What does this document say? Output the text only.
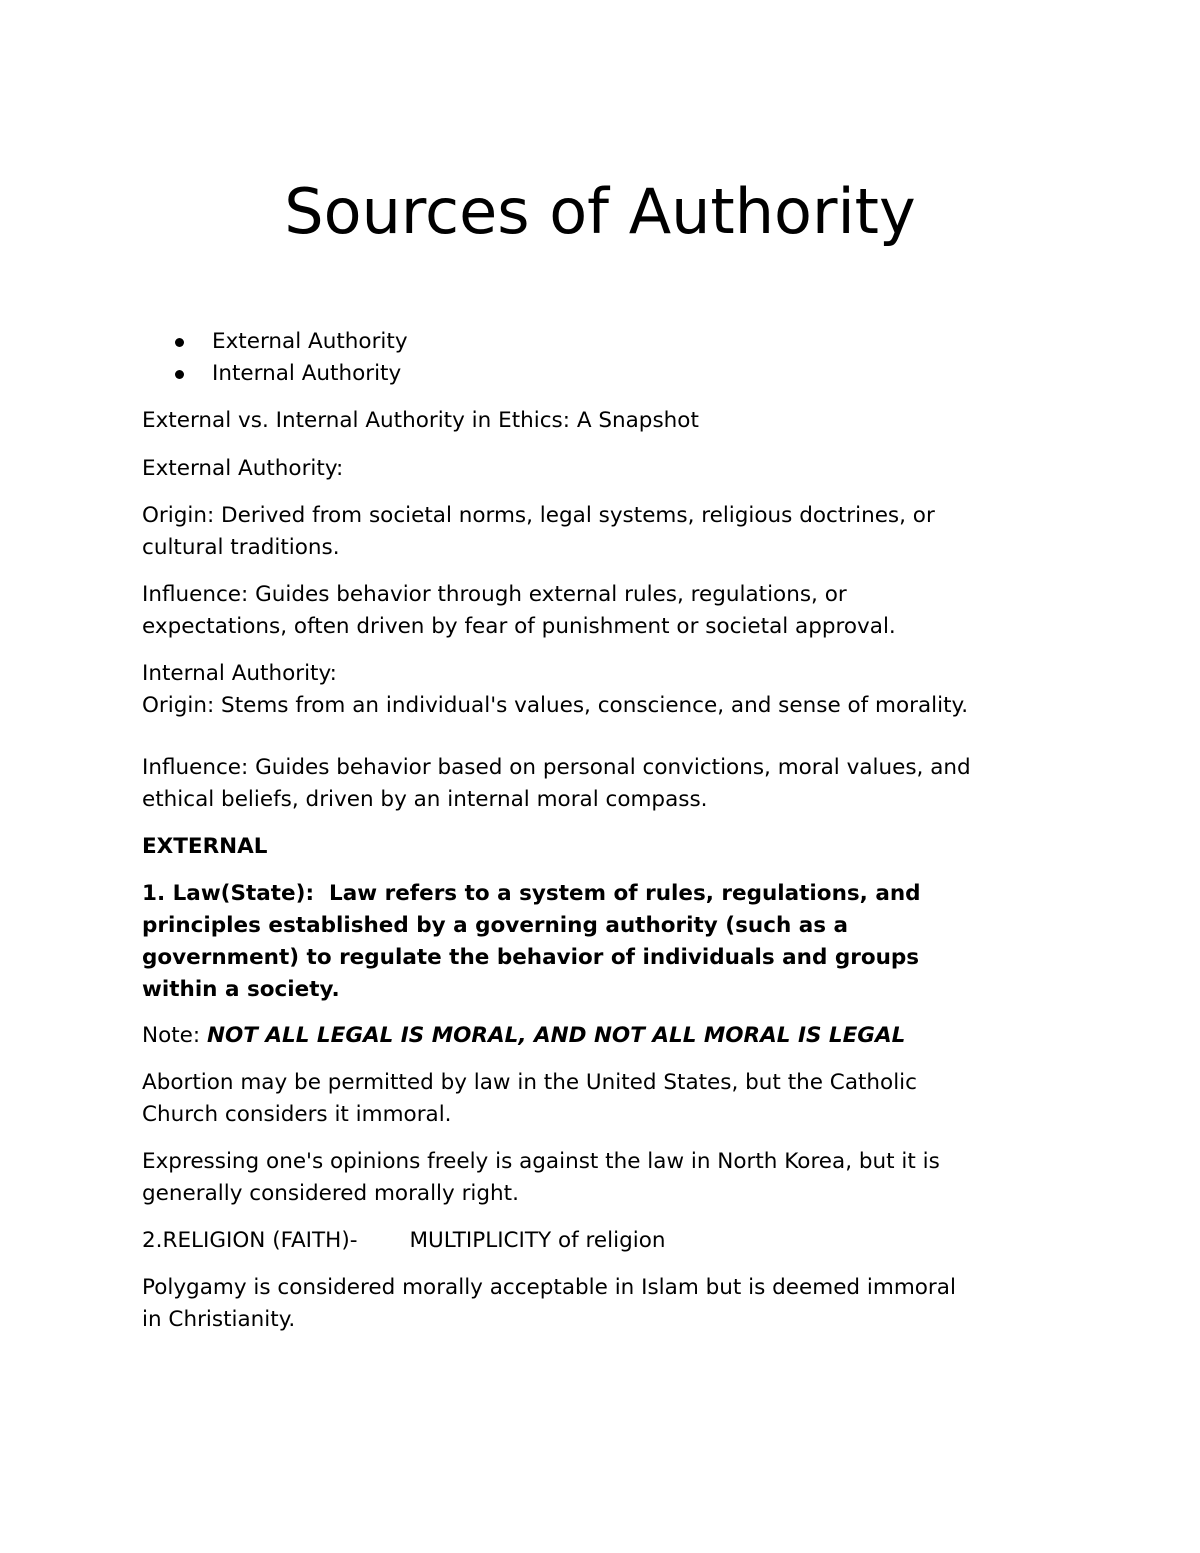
Sources of Authority
External Authority
Internal Authority

External vs. Internal Authority in Ethics: A Snapshot

External Authority:

Origin: Derived from societal norms, legal systems, religious doctrines, or
cultural traditions.
Influence: Guides behavior through external rules, regulations, or
expectations, often driven by fear of punishment or societal approval.
Internal Authority:
Origin: Stems from an individual's values, conscience, and sense of morality.
Influence: Guides behavior based on personal convictions, moral values, and
ethical beliefs, driven by an internal moral compass.

EXTERNAL

1. Law(State):  Law refers to a system of rules, regulations, and
principles established by a governing authority (such as a
government) to regulate the behavior of individuals and groups
within a society.

Note: NOT ALL LEGAL IS MORAL, AND NOT ALL MORAL IS LEGAL

Abortion may be permitted by law in the United States, but the Catholic
Church considers it immoral.
Expressing one's opinions freely is against the law in North Korea, but it is
generally considered morally right.

2.RELIGION (FAITH)- MULTIPLICITY of religion

Polygamy is considered morally acceptable in Islam but is deemed immoral
in Christianity.
